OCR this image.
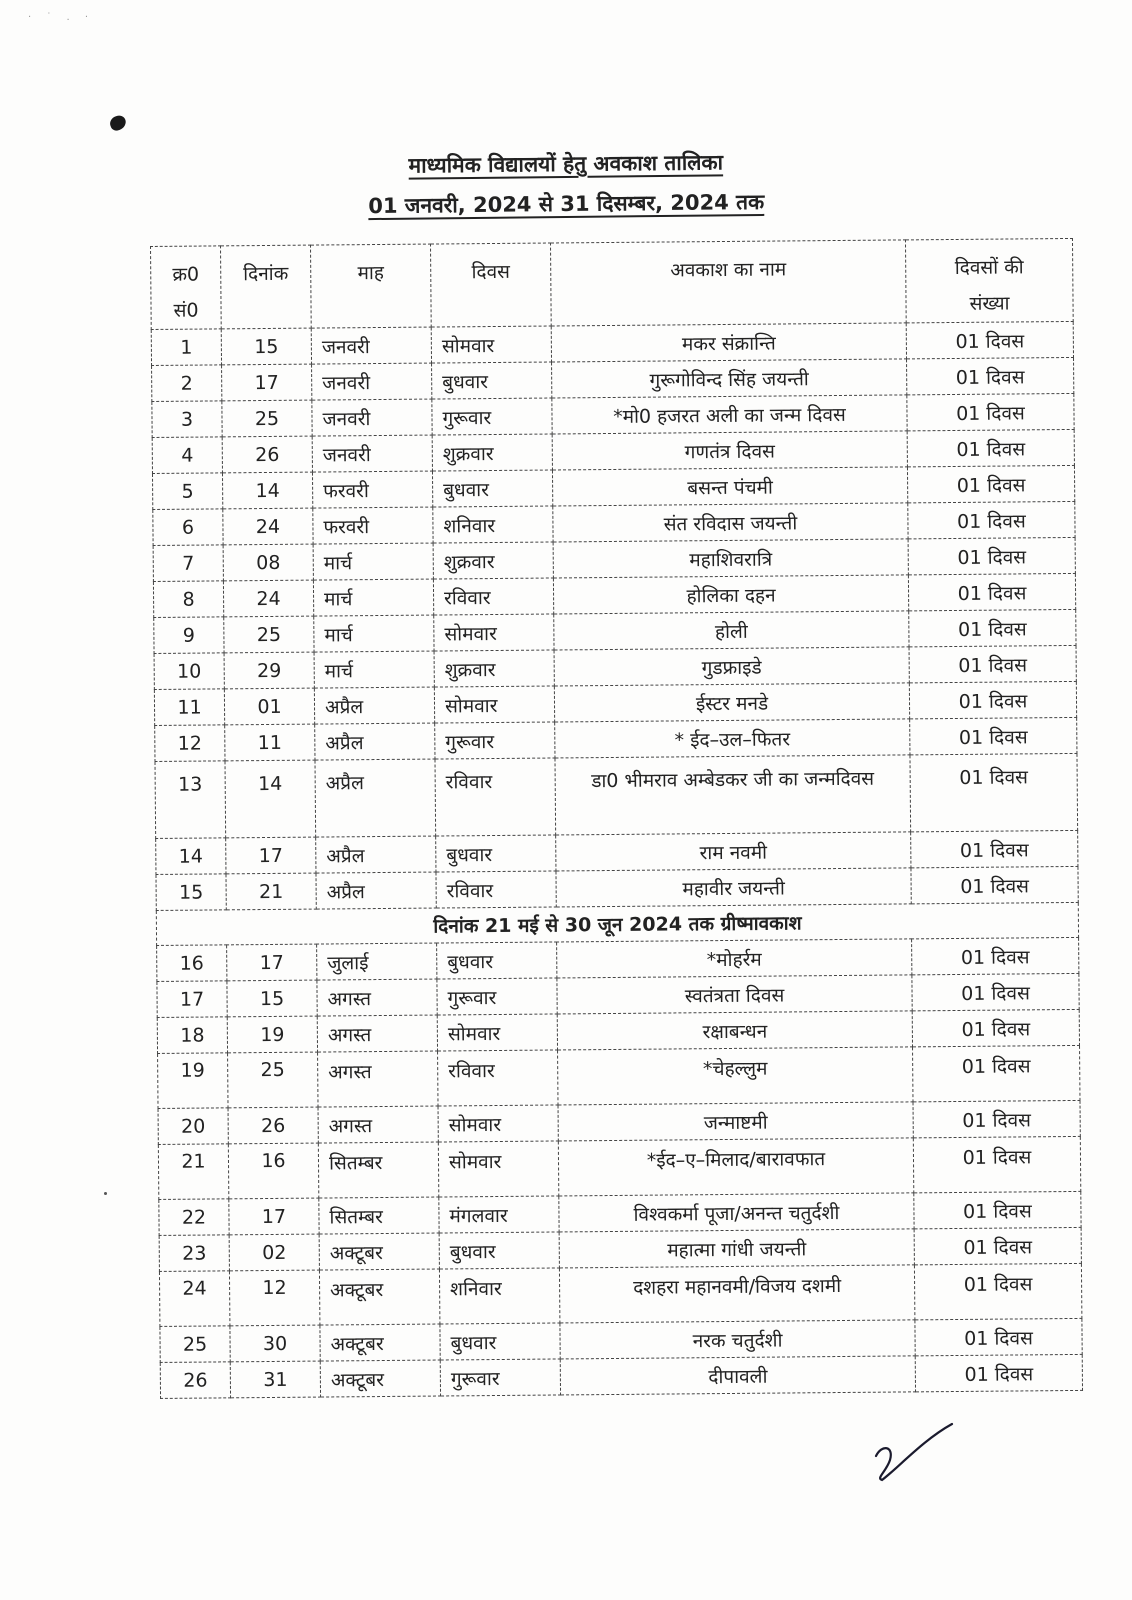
· ˙ . ·
माध्यमिक विद्यालयों हेतु अवकाश तालिका
01 जनवरी, 2024 से 31 दिसम्बर, 2024 तक
क्र0
सं0	दिनांक	माह	दिवस	अवकाश का नाम	दिवसों की
संख्या
1	15	जनवरी	सोमवार	मकर संक्रान्ति	01 दिवस
2	17	जनवरी	बुधवार	गुरूगोविन्द सिंह जयन्ती	01 दिवस
3	25	जनवरी	गुरूवार	*मो0 हजरत अली का जन्म दिवस	01 दिवस
4	26	जनवरी	शुक्रवार	गणतंत्र दिवस	01 दिवस
5	14	फरवरी	बुधवार	बसन्त पंचमी	01 दिवस
6	24	फरवरी	शनिवार	संत रविदास जयन्ती	01 दिवस
7	08	मार्च	शुक्रवार	महाशिवरात्रि	01 दिवस
8	24	मार्च	रविवार	होलिका दहन	01 दिवस
9	25	मार्च	सोमवार	होली	01 दिवस
10	29	मार्च	शुक्रवार	गुडफ्राइडे	01 दिवस
11	01	अप्रैल	सोमवार	ईस्टर मनडे	01 दिवस
12	11	अप्रैल	गुरूवार	* ईद–उल–फितर	01 दिवस
13	14	अप्रैल	रविवार	डा0 भीमराव अम्बेडकर जी का जन्मदिवस	01 दिवस
14	17	अप्रैल	बुधवार	राम नवमी	01 दिवस
15	21	अप्रैल	रविवार	महावीर जयन्ती	01 दिवस
दिनांक 21 मई से 30 जून 2024 तक ग्रीष्मावकाश					
16	17	जुलाई	बुधवार	*मोहर्रम	01 दिवस
17	15	अगस्त	गुरूवार	स्वतंत्रता दिवस	01 दिवस
18	19	अगस्त	सोमवार	रक्षाबन्धन	01 दिवस
19	25	अगस्त	रविवार	*चेहल्लुम	01 दिवस
20	26	अगस्त	सोमवार	जन्माष्टमी	01 दिवस
21	16	सितम्बर	सोमवार	*ईद–ए–मिलाद/बारावफात	01 दिवस
22	17	सितम्बर	मंगलवार	विश्वकर्मा पूजा/अनन्त चतुर्दशी	01 दिवस
23	02	अक्टूबर	बुधवार	महात्मा गांधी जयन्ती	01 दिवस
24	12	अक्टूबर	शनिवार	दशहरा महानवमी/विजय दशमी	01 दिवस
25	30	अक्टूबर	बुधवार	नरक चतुर्दशी	01 दिवस
26	31	अक्टूबर	गुरूवार	दीपावली	01 दिवस
